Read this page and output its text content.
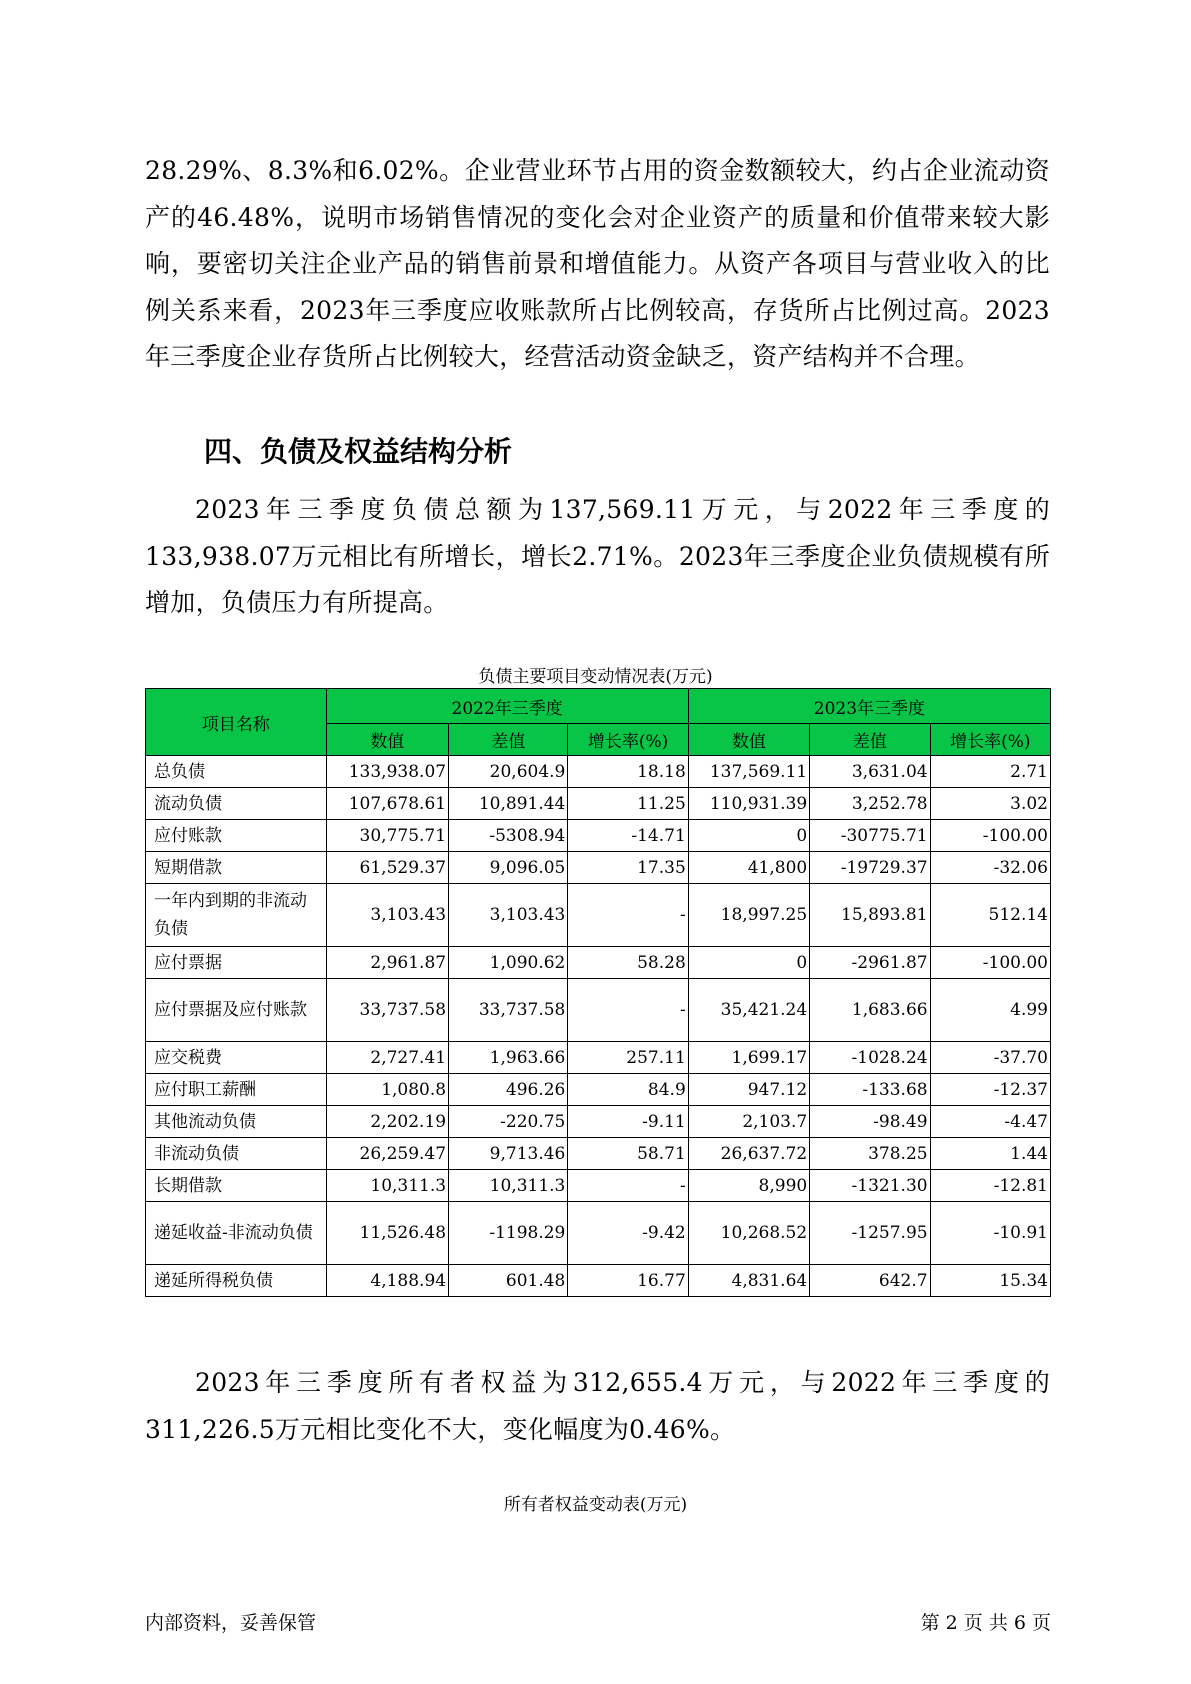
28.29%、8.3%和6.02%。企业营业环节占用的资金数额较大，约占企业流动资产的46.48%，说明市场销售情况的变化会对企业资产的质量和价值带来较大影响，要密切关注企业产品的销售前景和增值能力。从资产各项目与营业收入的比例关系来看，2023年三季度应收账款所占比例较高，存货所占比例过高。2023年三季度企业存货所占比例较大，经营活动资金缺乏，资产结构并不合理。

四、负债及权益结构分析

2023年三季度负债总额为137,569.11万元，与2022年三季度的133,938.07万元相比有所增长，增长2.71%。2023年三季度企业负债规模有所增加，负债压力有所提高。

负债主要项目变动情况表(万元)

项目名称	2022年三季度			2023年三季度		
	数值	差值	增长率(%)	数值	差值	增长率(%)
总负债	133,938.07	20,604.9	18.18	137,569.11	3,631.04	2.71
流动负债	107,678.61	10,891.44	11.25	110,931.39	3,252.78	3.02
应付账款	30,775.71	-5308.94	-14.71	0	-30775.71	-100.00
短期借款	61,529.37	9,096.05	17.35	41,800	-19729.37	-32.06
一年内到期的非流动负债	3,103.43	3,103.43	-	18,997.25	15,893.81	512.14
应付票据	2,961.87	1,090.62	58.28	0	-2961.87	-100.00
应付票据及应付账款	33,737.58	33,737.58	-	35,421.24	1,683.66	4.99
应交税费	2,727.41	1,963.66	257.11	1,699.17	-1028.24	-37.70
应付职工薪酬	1,080.8	496.26	84.9	947.12	-133.68	-12.37
其他流动负债	2,202.19	-220.75	-9.11	2,103.7	-98.49	-4.47
非流动负债	26,259.47	9,713.46	58.71	26,637.72	378.25	1.44
长期借款	10,311.3	10,311.3	-	8,990	-1321.30	-12.81
递延收益-非流动负债	11,526.48	-1198.29	-9.42	10,268.52	-1257.95	-10.91
递延所得税负债	4,188.94	601.48	16.77	4,831.64	642.7	15.34

2023年三季度所有者权益为312,655.4万元，与2022年三季度的311,226.5万元相比变化不大，变化幅度为0.46%。

所有者权益变动表(万元)

内部资料，妥善保管	第 2 页 共 6 页
